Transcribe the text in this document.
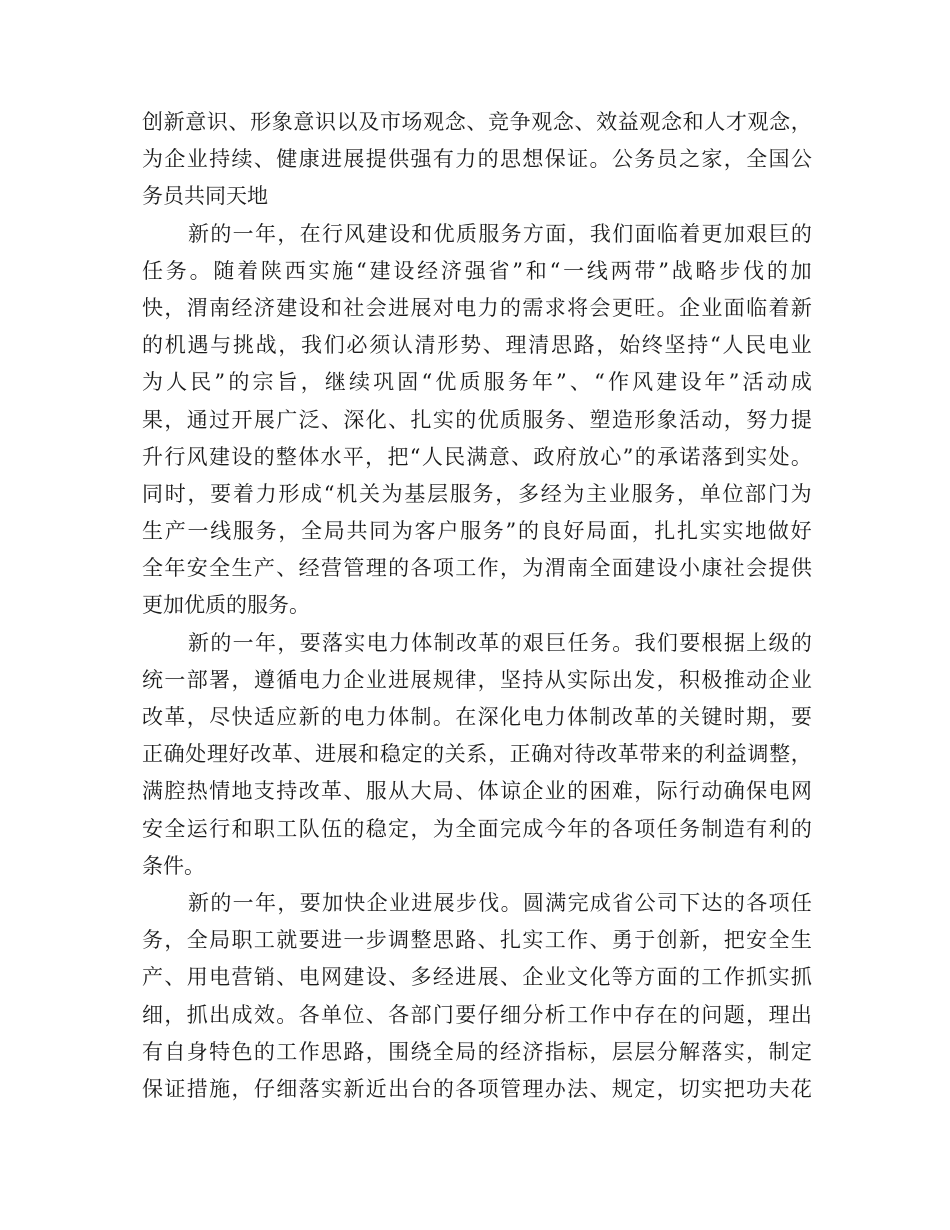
创 新 意 识 、 形 象 意 识 以 及 市 场 观 念 、 竞 争 观 念 、 效 益 观 念 和 人 才 观 念 ，
为 企 业 持 续 、 健 康 进 展 提 供 强 有 力 的 思 想 保 证 。 公 务 员 之 家 ， 全 国 公
务员共同天地
新 的 一 年 ， 在 行 风 建 设 和 优 质 服 务 方 面 ， 我 们 面 临 着 更 加 艰 巨 的
任 务 。 随 着 陕 西 实 施 “ 建 设 经 济 强 省 ” 和 “ 一 线 两 带 ” 战 略 步 伐 的 加
快 ， 渭 南 经 济 建 设 和 社 会 进 展 对 电 力 的 需 求 将 会 更 旺 。 企 业 面 临 着 新
的 机 遇 与 挑 战 ， 我 们 必 须 认 清 形 势 、 理 清 思 路 ， 始 终 坚 持 “ 人 民 电 业
为 人 民 ” 的 宗 旨 ， 继 续 巩 固 “ 优 质 服 务 年 ” 、 “ 作 风 建 设 年 ” 活 动 成
果 ， 通 过 开 展 广 泛 、 深 化 、 扎 实 的 优 质 服 务 、 塑 造 形 象 活 动 ， 努 力 提
升 行 风 建 设 的 整 体 水 平 ， 把 “ 人 民 满 意 、 政 府 放 心 ” 的 承 诺 落 到 实 处 。
同 时 ， 要 着 力 形 成 “ 机 关 为 基 层 服 务 ， 多 经 为 主 业 服 务 ， 单 位 部 门 为
生 产 一 线 服 务 ， 全 局 共 同 为 客 户 服 务 ” 的 良 好 局 面 ， 扎 扎 实 实 地 做 好
全 年 安 全 生 产 、 经 营 管 理 的 各 项 工 作 ， 为 渭 南 全 面 建 设 小 康 社 会 提 供
更加优质的服务。
新 的 一 年 ， 要 落 实 电 力 体 制 改 革 的 艰 巨 任 务 。 我 们 要 根 据 上 级 的
统 一 部 署 ， 遵 循 电 力 企 业 进 展 规 律 ， 坚 持 从 实 际 出 发 ， 积 极 推 动 企 业
改 革 ， 尽 快 适 应 新 的 电 力 体 制 。 在 深 化 电 力 体 制 改 革 的 关 键 时 期 ， 要
正 确 处 理 好 改 革 、 进 展 和 稳 定 的 关 系 ， 正 确 对 待 改 革 带 来 的 利 益 调 整 ，
满 腔 热 情 地 支 持 改 革 、 服 从 大 局 、 体 谅 企 业 的 困 难 ， 际 行 动 确 保 电 网
安 全 运 行 和 职 工 队 伍 的 稳 定 ， 为 全 面 完 成 今 年 的 各 项 任 务 制 造 有 利 的
条件。
新 的 一 年 ， 要 加 快 企 业 进 展 步 伐 。 圆 满 完 成 省 公 司 下 达 的 各 项 任
务 ， 全 局 职 工 就 要 进 一 步 调 整 思 路 、 扎 实 工 作 、 勇 于 创 新 ， 把 安 全 生
产 、 用 电 营 销 、 电 网 建 设 、 多 经 进 展 、 企 业 文 化 等 方 面 的 工 作 抓 实 抓
细 ， 抓 出 成 效 。 各 单 位 、 各 部 门 要 仔 细 分 析 工 作 中 存 在 的 问 题 ， 理 出
有 自 身 特 色 的 工 作 思 路 ， 围 绕 全 局 的 经 济 指 标 ， 层 层 分 解 落 实 ， 制 定
保 证 措 施 ， 仔 细 落 实 新 近 出 台 的 各 项 管 理 办 法 、 规 定 ， 切 实 把 功 夫 花
